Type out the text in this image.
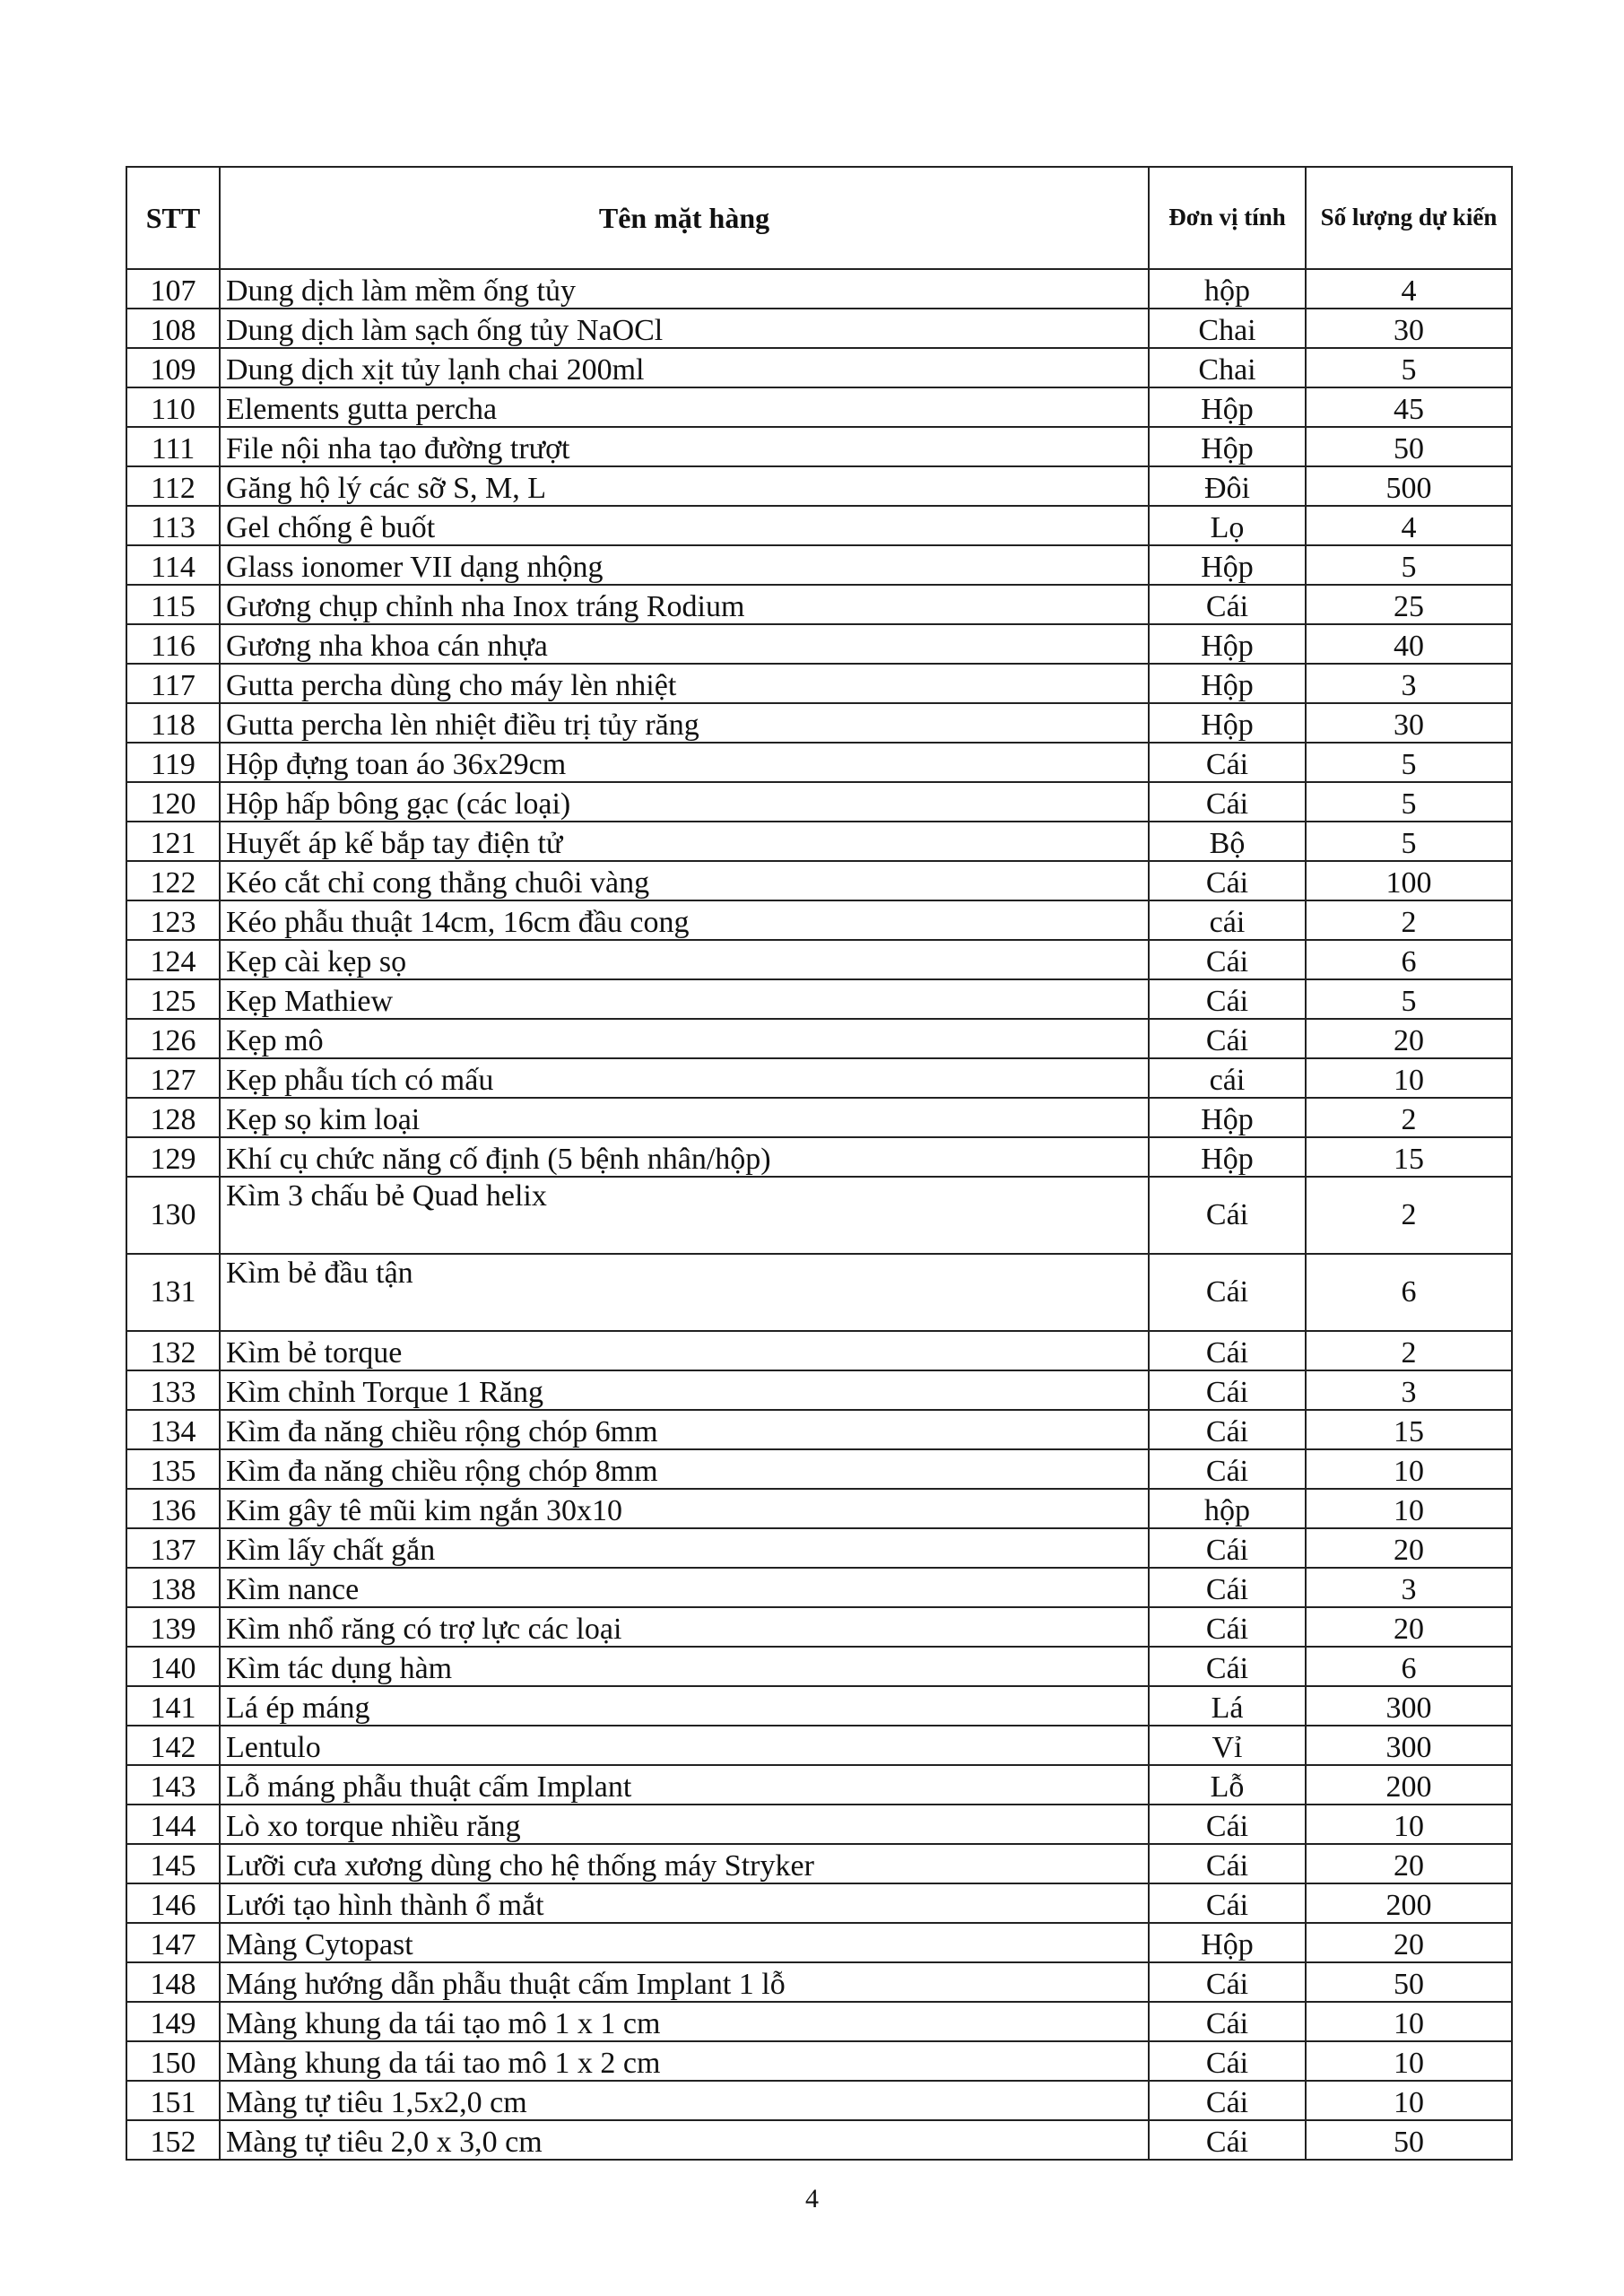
STT	Tên mặt hàng	Đơn vị tính	Số lượng dự kiến
107	Dung dịch làm mềm ống tủy	hộp	4
108	Dung dịch làm sạch ống tủy NaOCl	Chai	30
109	Dung dịch xịt tủy lạnh chai 200ml	Chai	5
110	Elements gutta percha	Hộp	45
111	File nội nha tạo đường trượt	Hộp	50
112	Găng hộ lý các sỡ S, M, L	Đôi	500
113	Gel chống ê buốt	Lọ	4
114	Glass ionomer VII dạng nhộng	Hộp	5
115	Gương chụp chỉnh nha Inox tráng Rodium	Cái	25
116	Gương nha khoa cán nhựa	Hộp	40
117	Gutta percha dùng cho máy lèn nhiệt	Hộp	3
118	Gutta percha lèn nhiệt điều trị tủy răng	Hộp	30
119	Hộp đựng toan áo 36x29cm	Cái	5
120	Hộp hấp bông gạc (các loại)	Cái	5
121	Huyết áp kế bắp tay điện tử	Bộ	5
122	Kéo cắt chỉ cong thẳng chuôi vàng	Cái	100
123	Kéo phẫu thuật 14cm, 16cm đầu cong	cái	2
124	Kẹp cài kẹp sọ	Cái	6
125	Kẹp Mathiew	Cái	5
126	Kẹp mô	Cái	20
127	Kẹp phẫu tích có mấu	cái	10
128	Kẹp sọ kim loại	Hộp	2
129	Khí cụ chức năng cố định (5 bệnh nhân/hộp)	Hộp	15
130	Kìm 3 chấu bẻ Quad helix	Cái	2
131	Kìm bẻ đầu tận	Cái	6
132	Kìm bẻ torque	Cái	2
133	Kìm chỉnh Torque 1 Răng	Cái	3
134	Kìm đa năng chiều rộng chóp 6mm	Cái	15
135	Kìm đa năng chiều rộng chóp 8mm	Cái	10
136	Kim gây tê mũi kim ngắn 30x10	hộp	10
137	Kìm lấy chất gắn	Cái	20
138	Kìm nance	Cái	3
139	Kìm nhổ răng có trợ lực các loại	Cái	20
140	Kìm tác dụng hàm	Cái	6
141	Lá ép máng	Lá	300
142	Lentulo	Vỉ	300
143	Lỗ máng phẫu thuật cấm Implant	Lỗ	200
144	Lò xo torque nhiều răng	Cái	10
145	Lưỡi cưa xương dùng cho hệ thống máy Stryker	Cái	20
146	Lưới tạo hình thành ổ mắt	Cái	200
147	Màng Cytopast	Hộp	20
148	Máng hướng dẫn phẫu thuật cấm Implant 1 lỗ	Cái	50
149	Màng khung da tái tạo mô 1 x 1 cm	Cái	10
150	Màng khung da tái tao mô 1 x 2 cm	Cái	10
151	Màng tự tiêu 1,5x2,0 cm	Cái	10
152	Màng tự tiêu 2,0 x 3,0 cm	Cái	50
4
